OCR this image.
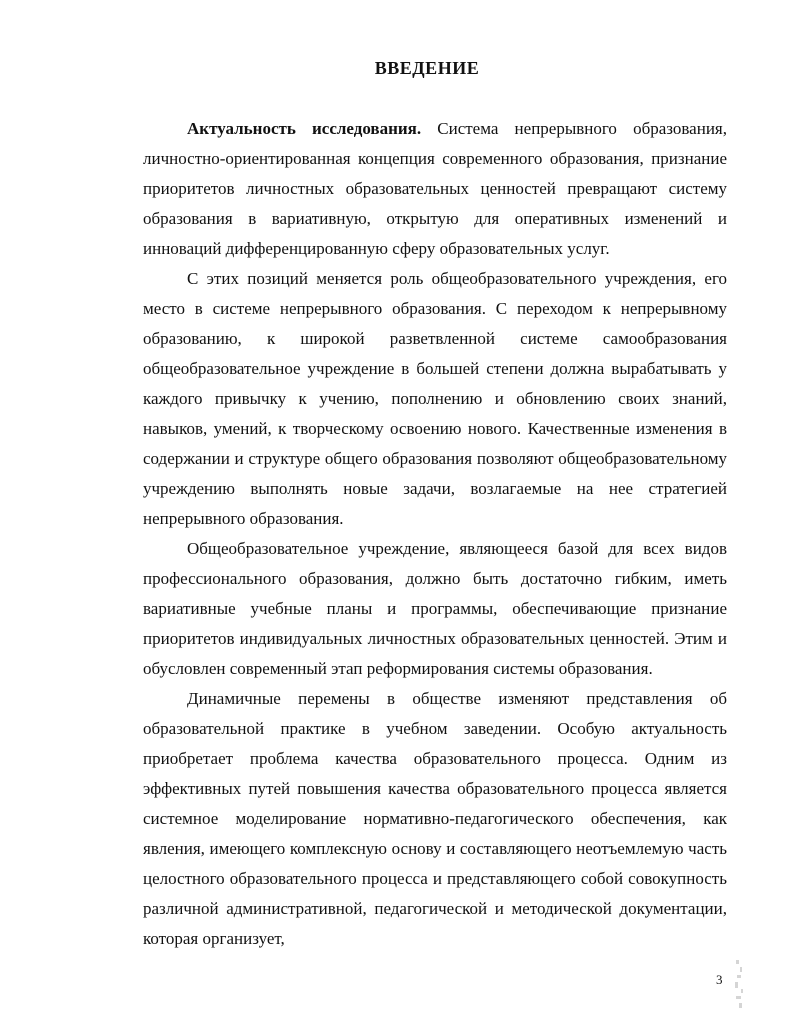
ВВЕДЕНИЕ

Актуальность исследования. Система непрерывного образования, личностно-ориентированная концепция современного образования, признание приоритетов личностных образовательных ценностей превращают систему образования в вариативную, открытую для оперативных изменений и инноваций дифференцированную сферу образовательных услуг.

С этих позиций меняется роль общеобразовательного учреждения, его место в системе непрерывного образования. С переходом к непрерывному образованию, к широкой разветвленной системе самообразования общеобразовательное учреждение в большей степени должна вырабатывать у каждого привычку к учению, пополнению и обновлению своих знаний, навыков, умений, к творческому освоению нового. Качественные изменения в содержании и структуре общего образования позволяют общеобразовательному учреждению выполнять новые задачи, возлагаемые на нее стратегией непрерывного образования.

Общеобразовательное учреждение, являющееся базой для всех видов профессионального образования, должно быть достаточно гибким, иметь вариативные учебные планы и программы, обеспечивающие признание приоритетов индивидуальных личностных образовательных ценностей. Этим и обусловлен современный этап реформирования системы образования.

Динамичные перемены в обществе изменяют представления об образовательной практике в учебном заведении. Особую актуальность приобретает проблема качества образовательного процесса. Одним из эффективных путей повышения качества образовательного процесса является системное моделирование нормативно-педагогического обеспечения, как явления, имеющего комплексную основу и составляющего неотъемлемую часть целостного образовательного процесса и представляющего собой совокупность различной административной, педагогической и методической документации, которая организует,

3
